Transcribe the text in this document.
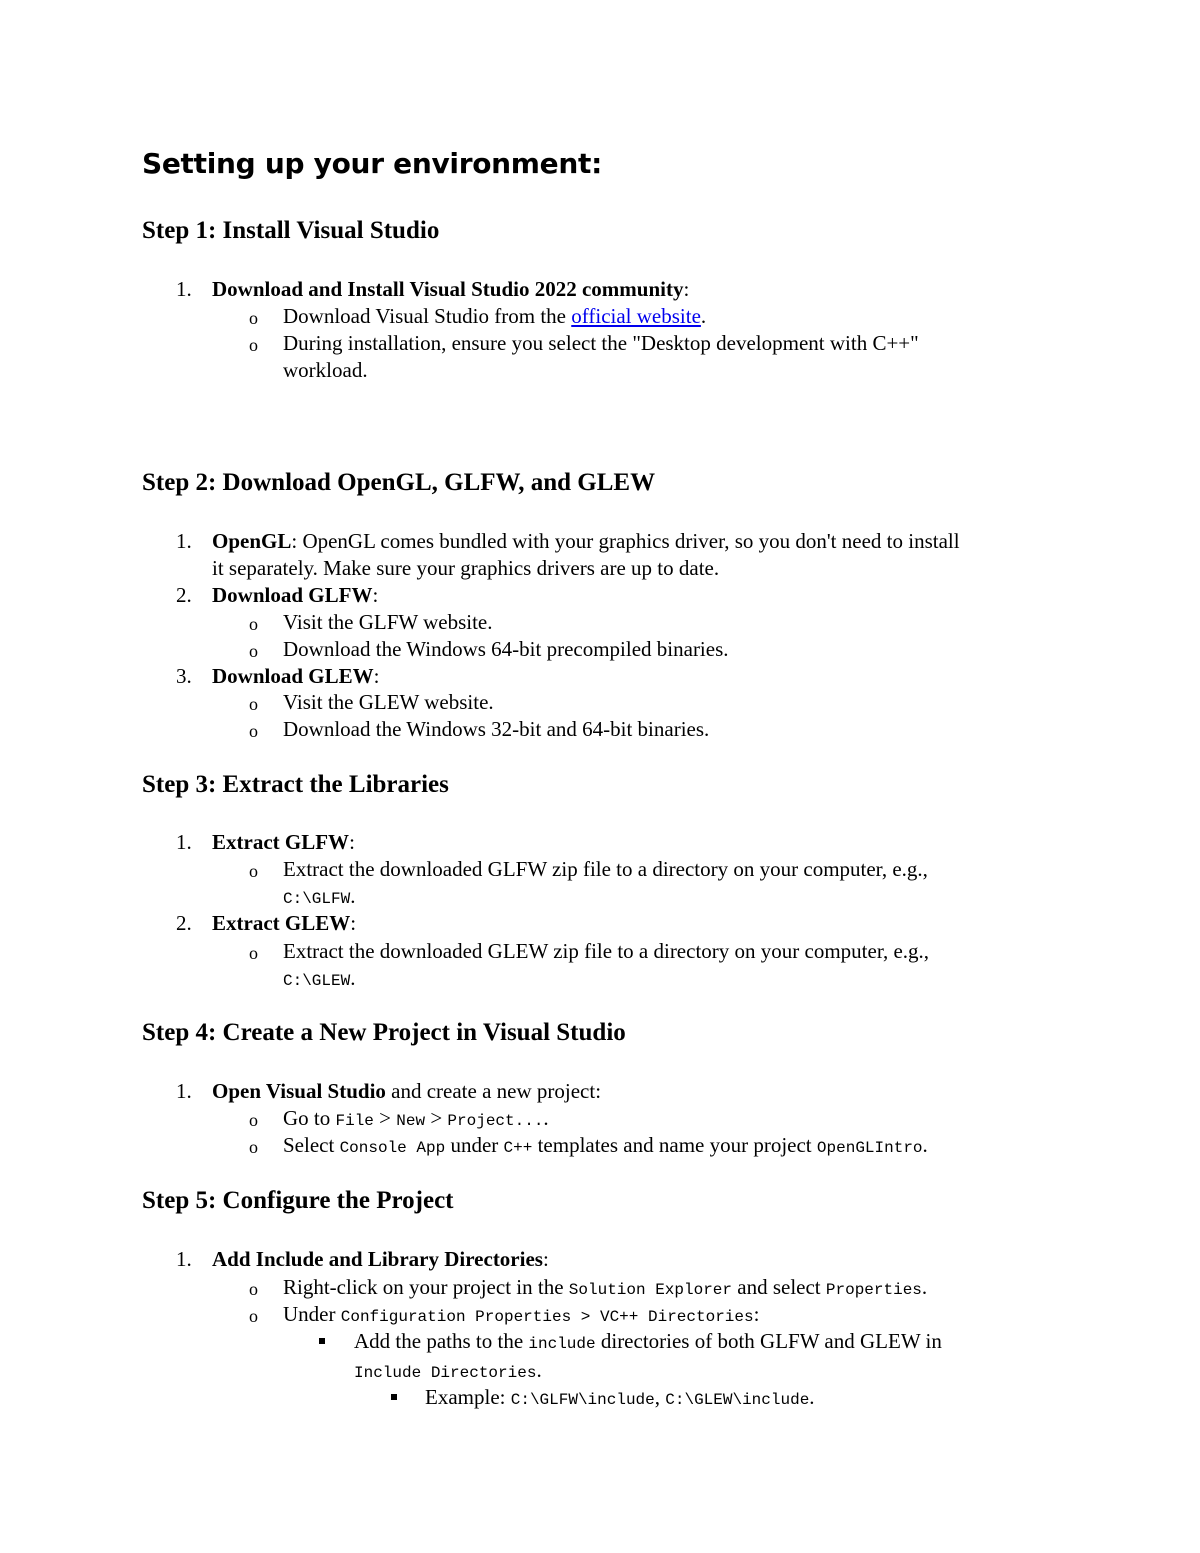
Setting up your environment:
Step 1: Install Visual Studio
1. Download and Install Visual Studio 2022 community:
o Download Visual Studio from the official website.
o During installation, ensure you select the "Desktop development with C++"
workload.
Step 2: Download OpenGL, GLFW, and GLEW
1. OpenGL: OpenGL comes bundled with your graphics driver, so you don't need to install
it separately. Make sure your graphics drivers are up to date.
2. Download GLFW:
o Visit the GLFW website.
o Download the Windows 64-bit precompiled binaries.
3. Download GLEW:
o Visit the GLEW website.
o Download the Windows 32-bit and 64-bit binaries.
Step 3: Extract the Libraries
1. Extract GLFW:
o Extract the downloaded GLFW zip file to a directory on your computer, e.g.,
C:\GLFW.
2. Extract GLEW:
o Extract the downloaded GLEW zip file to a directory on your computer, e.g.,
C:\GLEW.
Step 4: Create a New Project in Visual Studio
1. Open Visual Studio and create a new project:
o Go to File > New > Project....
o Select Console App under C++ templates and name your project OpenGLIntro.
Step 5: Configure the Project
1. Add Include and Library Directories:
o Right-click on your project in the Solution Explorer and select Properties.
o Under Configuration Properties > VC++ Directories:
Add the paths to the include directories of both GLFW and GLEW in
Include Directories.
Example: C:\GLFW\include, C:\GLEW\include.
